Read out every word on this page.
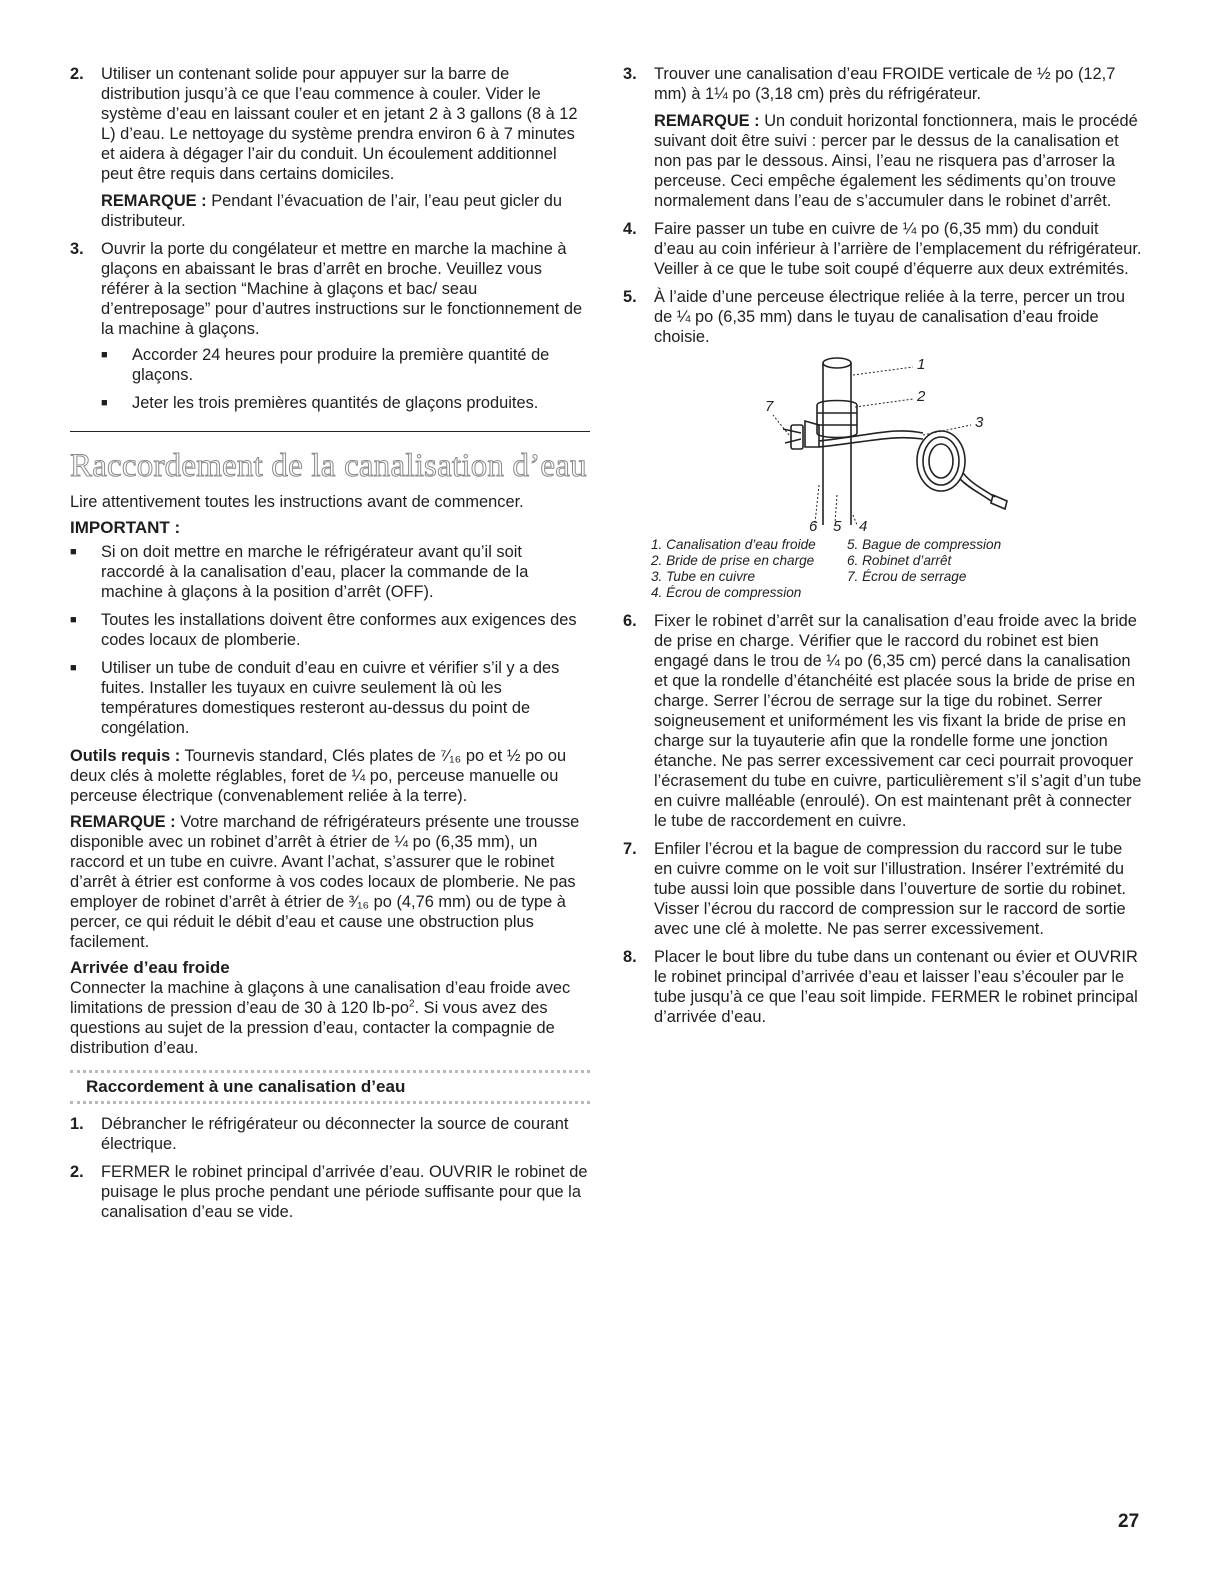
2.	Utiliser un contenant solide pour appuyer sur la barre de distribution jusqu’à ce que l’eau commence à couler. Vider le système d’eau en laissant couler et en jetant 2 à 3 gallons (8 à 12 L) d’eau. Le nettoyage du système prendra environ 6 à 7 minutes et aidera à dégager l’air du conduit. Un écoulement additionnel peut être requis dans certains domiciles.

REMARQUE : Pendant l’évacuation de l’air, l’eau peut gicler du distributeur.

3.	Ouvrir la porte du congélateur et mettre en marche la machine à glaçons en abaissant le bras d’arrêt en broche. Veuillez vous référer à la section “Machine à glaçons et bac/ seau d’entreposage” pour d’autres instructions sur le fonctionnement de la machine à glaçons.

■	Accorder 24 heures pour produire la première quantité de glaçons.
■	Jeter les trois premières quantités de glaçons produites.
Raccordement de la canalisation d’eau

Lire attentivement toutes les instructions avant de commencer.

IMPORTANT :

■	Si on doit mettre en marche le réfrigérateur avant qu’il soit raccordé à la canalisation d’eau, placer la commande de la machine à glaçons à la position d’arrêt (OFF).
■	Toutes les installations doivent être conformes aux exigences des codes locaux de plomberie.
■	Utiliser un tube de conduit d’eau en cuivre et vérifier s’il y a des fuites. Installer les tuyaux en cuivre seulement là où les températures domestiques resteront au-dessus du point de congélation.

Outils requis : Tournevis standard, Clés plates de ⁷⁄₁₆ po et ½ po ou deux clés à molette réglables, foret de ¼ po, perceuse manuelle ou perceuse électrique (convenablement reliée à la terre).

REMARQUE : Votre marchand de réfrigérateurs présente une trousse disponible avec un robinet d’arrêt à étrier de ¼ po (6,35 mm), un raccord et un tube en cuivre. Avant l’achat, s’assurer que le robinet d’arrêt à étrier est conforme à vos codes locaux de plomberie. Ne pas employer de robinet d’arrêt à étrier de ³⁄₁₆ po (4,76 mm) ou de type à percer, ce qui réduit le débit d’eau et cause une obstruction plus facilement.

Arrivée d’eau froide

Connecter la machine à glaçons à une canalisation d’eau froide avec limitations de pression d’eau de 30 à 120 $lb-po^2$. Si vous avez des questions au sujet de la pression d’eau, contacter la compagnie de distribution d’eau.

Raccordement à une canalisation d’eau
1.	Débrancher le réfrigérateur ou déconnecter la source de courant électrique.

2.	FERMER le robinet principal d’arrivée d’eau. OUVRIR le robinet de puisage le plus proche pendant une période suffisante pour que la canalisation d’eau se vide.

3.	Trouver une canalisation d’eau FROIDE verticale de ½ po (12,7 mm) à 1¼ po (3,18 cm) près du réfrigérateur.

REMARQUE : Un conduit horizontal fonctionnera, mais le procédé suivant doit être suivi : percer par le dessus de la canalisation et non pas par le dessous. Ainsi, l’eau ne risquera pas d’arroser la perceuse. Ceci empêche également les sédiments qu’on trouve normalement dans l’eau de s’accumuler dans le robinet d’arrêt.

4.	Faire passer un tube en cuivre de ¼ po (6,35 mm) du conduit d’eau au coin inférieur à l’arrière de l’emplacement du réfrigérateur. Veiller à ce que le tube soit coupé d’équerre aux deux extrémités.

5.	À l’aide d’une perceuse électrique reliée à la terre, percer un trou de ¼ po (6,35 mm) dans le tuyau de canalisation d’eau froide choisie.

1
2
3
4
5
6
7
1. Canalisation d’eau froide	5. Bague de compression
2. Bride de prise en charge	6. Robinet d’arrêt
3. Tube en cuivre	7. Écrou de serrage
4. Écrou de compression
6.	Fixer le robinet d’arrêt sur la canalisation d’eau froide avec la bride de prise en charge. Vérifier que le raccord du robinet est bien engagé dans le trou de ¼ po (6,35 cm) percé dans la canalisation et que la rondelle d’étanchéité est placée sous la bride de prise en charge. Serrer l’écrou de serrage sur la tige du robinet. Serrer soigneusement et uniformément les vis fixant la bride de prise en charge sur la tuyauterie afin que la rondelle forme une jonction étanche. Ne pas serrer excessivement car ceci pourrait provoquer l’écrasement du tube en cuivre, particulièrement s’il s’agit d’un tube en cuivre malléable (enroulé). On est maintenant prêt à connecter le tube de raccordement en cuivre.

7.	Enfiler l’écrou et la bague de compression du raccord sur le tube en cuivre comme on le voit sur l’illustration. Insérer l’extrémité du tube aussi loin que possible dans l’ouverture de sortie du robinet. Visser l’écrou du raccord de compression sur le raccord de sortie avec une clé à molette. Ne pas serrer excessivement.

8.	Placer le bout libre du tube dans un contenant ou évier et OUVRIR le robinet principal d’arrivée d’eau et laisser l’eau s’écouler par le tube jusqu’à ce que l’eau soit limpide. FERMER le robinet principal d’arrivée d’eau.

27
